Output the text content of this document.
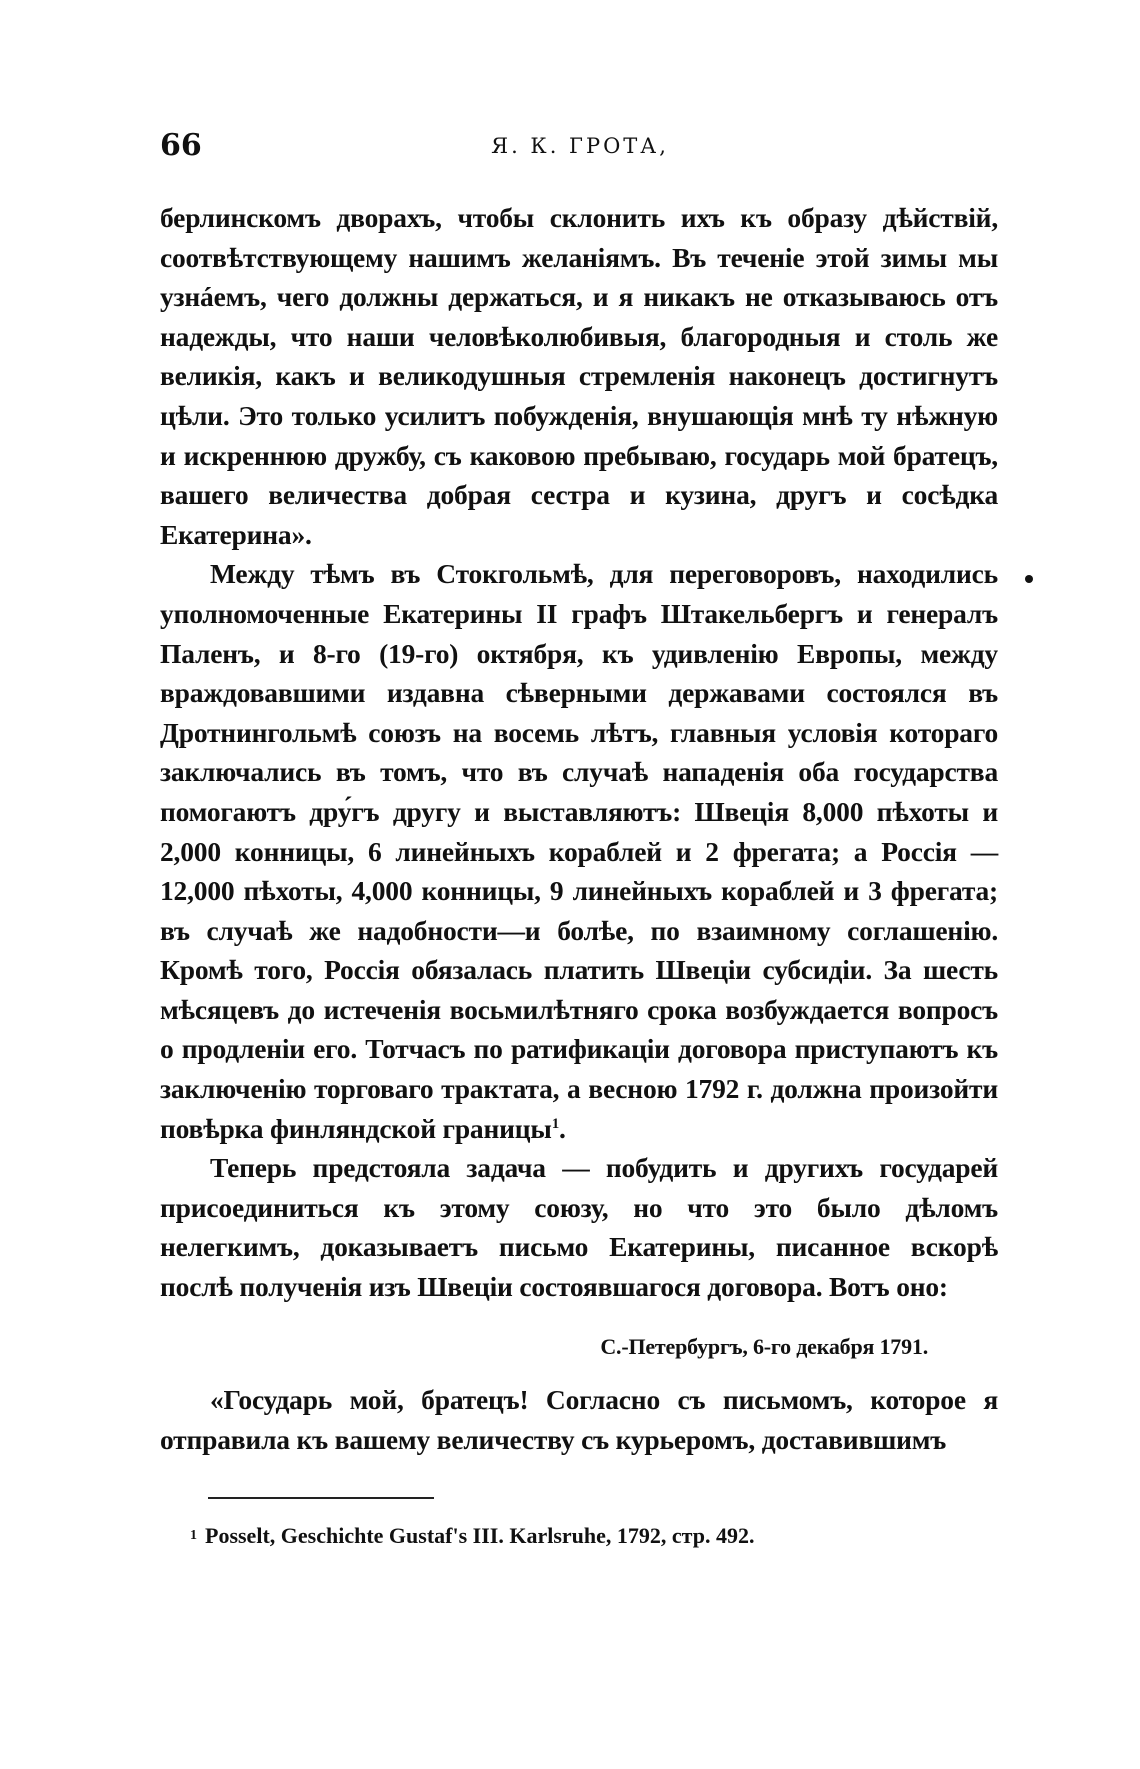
66	Я. К. ГРОТА,

берлинскомъ дворахъ, чтобы склонить ихъ къ образу дѣйствій, соотвѣтствующему нашимъ желаніямъ. Въ теченіе этой зимы мы узнáемъ, чего должны держаться, и я никакъ не отказываюсь отъ надежды, что наши человѣколюбивыя, благородныя и столь же великія, какъ и великодушныя стремленія наконецъ достигнутъ цѣли. Это только усилитъ побужденія, внушающія мнѣ ту нѣжную и искреннюю дружбу, съ каковою пребываю, государь мой братецъ, вашего величества добрая сестра и кузина, другъ и сосѣдка Екатерина».

Между тѣмъ въ Стокгольмѣ, для переговоровъ, находились уполномоченные Екатерины II графъ Штакельбергъ и генералъ Паленъ, и 8-го (19-го) октября, къ удивленію Европы, между враждовавшими издавна сѣверными державами состоялся въ Дротнингольмѣ союзъ на восемь лѣтъ, главныя условія котораго заключались въ томъ, что въ случаѣ нападенія оба государства помогаютъ дру́гъ другу и выставляютъ: Швеція 8,000 пѣхоты и 2,000 конницы, 6 линейныхъ кораблей и 2 фрегата; а Россія — 12,000 пѣхоты, 4,000 конницы, 9 линейныхъ кораблей и 3 фрегата; въ случаѣ же надобности—и болѣе, по взаимному соглашенію. Кромѣ того, Россія обязалась платить Швеціи субсидіи. За шесть мѣсяцевъ до истеченія восьмилѣтняго срока возбуждается вопросъ о продленіи его. Тотчасъ по ратификаціи договора приступаютъ къ заключенію торговаго трактата, а весною 1792 г. должна произойти повѣрка финляндской границы$^1$.

Теперь предстояла задача — побудить и другихъ государей присоединиться къ этому союзу, но что это было дѣломъ нелегкимъ, доказываетъ письмо Екатерины, писанное вскорѣ послѣ полученія изъ Швеціи состоявшагося договора. Вотъ оно:

С.-Петербургъ, 6-го декабря 1791.

«Государь мой, братецъ! Согласно съ письмомъ, которое я отправила къ вашему величеству съ курьеромъ, доставившимъ

$^1$ Posselt, Geschichte Gustaf's III. Karlsruhe, 1792, стр. 492.
